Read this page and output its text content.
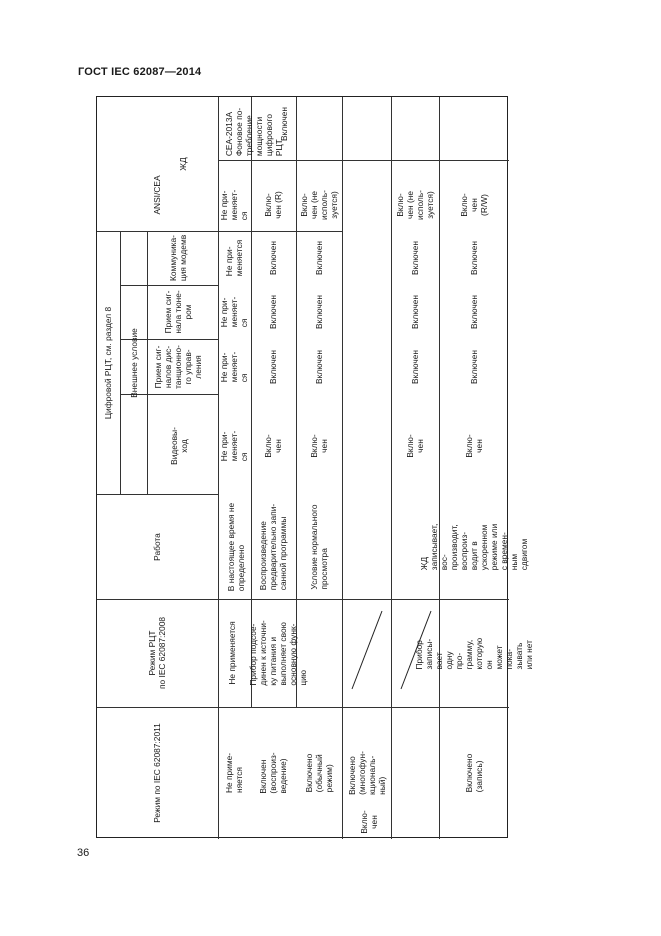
ГОСТ IEC 62087—2014
Режим по IEC 62087:2011
Режим РЦТ
по IEC 62087:2008
Работа
Цифровой РЦТ, см. раздел 8 Внешнее условие
Видеовы-
ход
Прием сиг-
налов дис-
танционно-
го управ-
ления
Прием сиг-
нала тюне-
ром
Коммуника-
ция модемв
ЖД
ANSI/CEA
Вклю-
чен
Не приме-
няется
Не применяется
В настоящее время не
определено
Не при-
меняет-
ся
Не при-
меняет-
ся
Не при-
меняет-
ся
Не при-
меняется
Не при-
меняет-
ся
CEA-2013A
Фоновое по-
требление
мощности
цифрового
РЦТ
Включен
(воспроиз-
ведение)
Прибор подсое-
динен к источни-
ку питания и
выполняет свою
основную функ-
цию
Воспроизведение
предварительно запи-
санной программы
Вклю-
чен
Включен
Включен
Включен
Вклю-
чен (R)
Включен
Включено
(обычный
режим)
Условие нормального
просмотра
Вклю-
чен
Включен
Включен
Включен
Вклю-
чен (не
исполь-
зуется)
Включено
(многофун-
кциональ-
ный)
Вклю-
чен
Включен
Включен
Включен
Вклю-
чен (не
исполь-
зуется)
Включено
(запись)
Прибор записы-
вает одну про-
грамму, которую
он может пока-
зывать или нет
ЖД записывает, вос-
производит, воспроиз-
водит в ускоренном
режиме или с времен-
ным сдвигом
Вклю-
чен
Включен
Включен
Включен
Вклю-
чен
(R/W)
36
